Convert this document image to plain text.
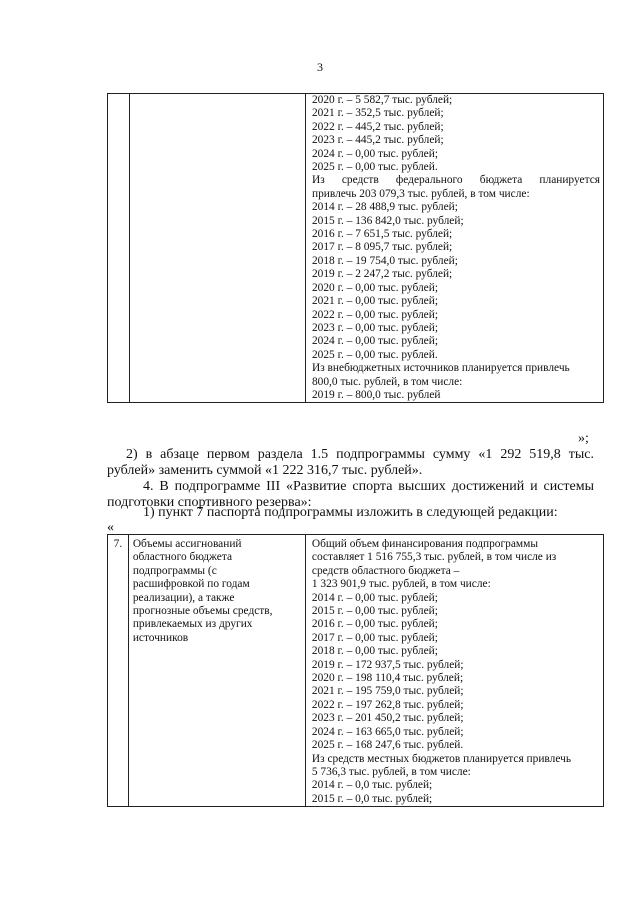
3

2020 г. – 5 582,7 тыс. рублей;
2021 г. – 352,5 тыс. рублей;
2022 г. – 445,2 тыс. рублей;
2023 г. – 445,2 тыс. рублей;
2024 г. – 0,00 тыс. рублей;
2025 г. – 0,00 тыс. рублей.
Из средств федерального бюджета планируется
привлечь 203 079,3 тыс. рублей, в том числе:
2014 г. – 28 488,9 тыс. рублей;
2015 г. – 136 842,0 тыс. рублей;
2016 г. – 7 651,5 тыс. рублей;
2017 г. – 8 095,7 тыс. рублей;
2018 г. – 19 754,0 тыс. рублей;
2019 г. – 2 247,2 тыс. рублей;
2020 г. – 0,00 тыс. рублей;
2021 г. – 0,00 тыс. рублей;
2022 г. – 0,00 тыс. рублей;
2023 г. – 0,00 тыс. рублей;
2024 г. – 0,00 тыс. рублей;
2025 г. – 0,00 тыс. рублей.
Из внебюджетных источников планируется привлечь
800,0 тыс. рублей, в том числе:
2019 г. – 800,0 тыс. рублей
»;
2) в абзаце первом раздела 1.5 подпрограммы сумму «1 292 519,8 тыс.
рублей» заменить суммой «1 222 316,7 тыс. рублей».
4. В подпрограмме III «Развитие спорта высших достижений и системы
подготовки спортивного резерва»:
1) пункт 7 паспорта подпрограммы изложить в следующей редакции:
«
7.	Объемы ассигнований
областного бюджета
подпрограммы (с
расшифровкой по годам
реализации), а также
прогнозные объемы средств,
привлекаемых из других
источников

Общий объем финансирования подпрограммы
составляет 1 516 755,3 тыс. рублей, в том числе из
средств областного бюджета –
1 323 901,9 тыс. рублей, в том числе:
2014 г. – 0,00 тыс. рублей;
2015 г. – 0,00 тыс. рублей;
2016 г. – 0,00 тыс. рублей;
2017 г. – 0,00 тыс. рублей;
2018 г. – 0,00 тыс. рублей;
2019 г. – 172 937,5 тыс. рублей;
2020 г. – 198 110,4 тыс. рублей;
2021 г. – 195 759,0 тыс. рублей;
2022 г. – 197 262,8 тыс. рублей;
2023 г. – 201 450,2 тыс. рублей;
2024 г. – 163 665,0 тыс. рублей;
2025 г. – 168 247,6 тыс. рублей.
Из средств местных бюджетов планируется привлечь
5 736,3 тыс. рублей, в том числе:
2014 г. – 0,0 тыс. рублей;
2015 г. – 0,0 тыс. рублей;
